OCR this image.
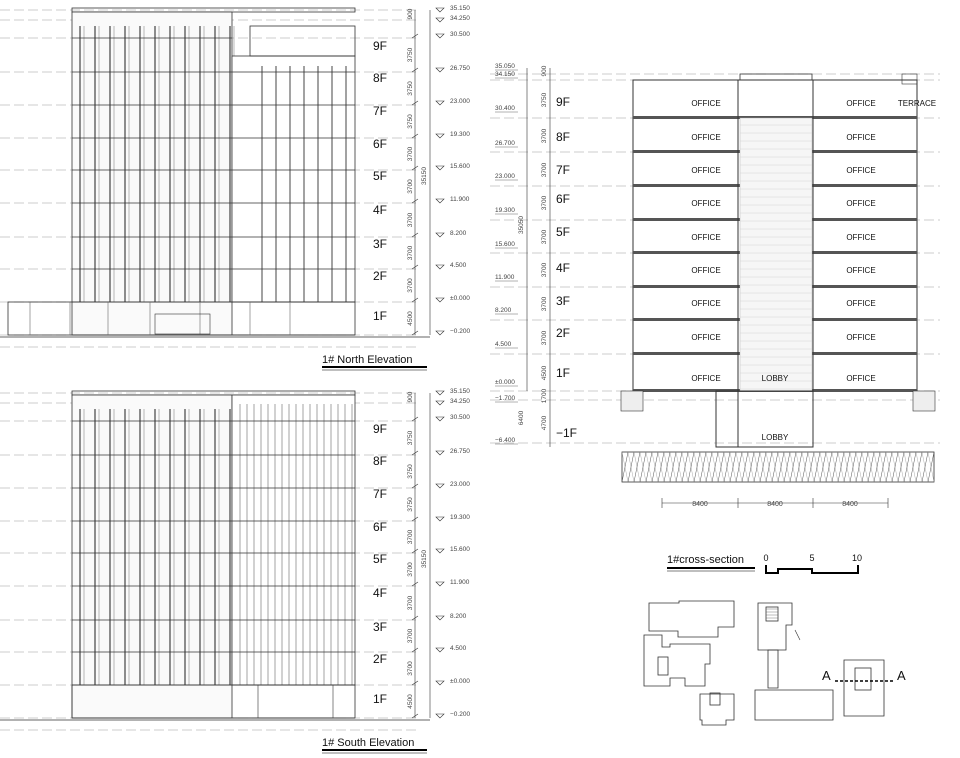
9F
8F
7F
6F
5F
4F
3F
2F
1F
900
3750
3750
3750
3700
3700
3700
3700
3700
4500
35150
35.150
34.250
30.500
26.750
23.000
19.300
15.600
11.900
8.200
4.500
±0.000
−0.200
1# North Elevation
9F
8F
7F
6F
5F
4F
3F
2F
1F
900
3750
3750
3750
3700
3700
3700
3700
3700
4500
35150
35.150
34.250
30.500
26.750
23.000
19.300
15.600
11.900
8.200
4.500
±0.000
−0.200
1# South Elevation
OFFICE	OFFICE	TERRACE
OFFICE	OFFICE
OFFICE	OFFICE
OFFICE	OFFICE
OFFICE	OFFICE
OFFICE	OFFICE
OFFICE	OFFICE
OFFICE	OFFICE
OFFICE	LOBBY	OFFICE
LOBBY
9F
8F
7F
6F
5F
4F
3F
2F
1F
−1F
900
3750
3700
3700
3700
3700
3700
3700
3700
4500
1700
4700
35050
6400
35.050
34.150
30.400
26.700
23.000
19.300
15.600
11.900
8.200
4.500
±0.000
−1.700
−6.400
8400	8400	8400
1#cross-section 0	5	10
A	A
